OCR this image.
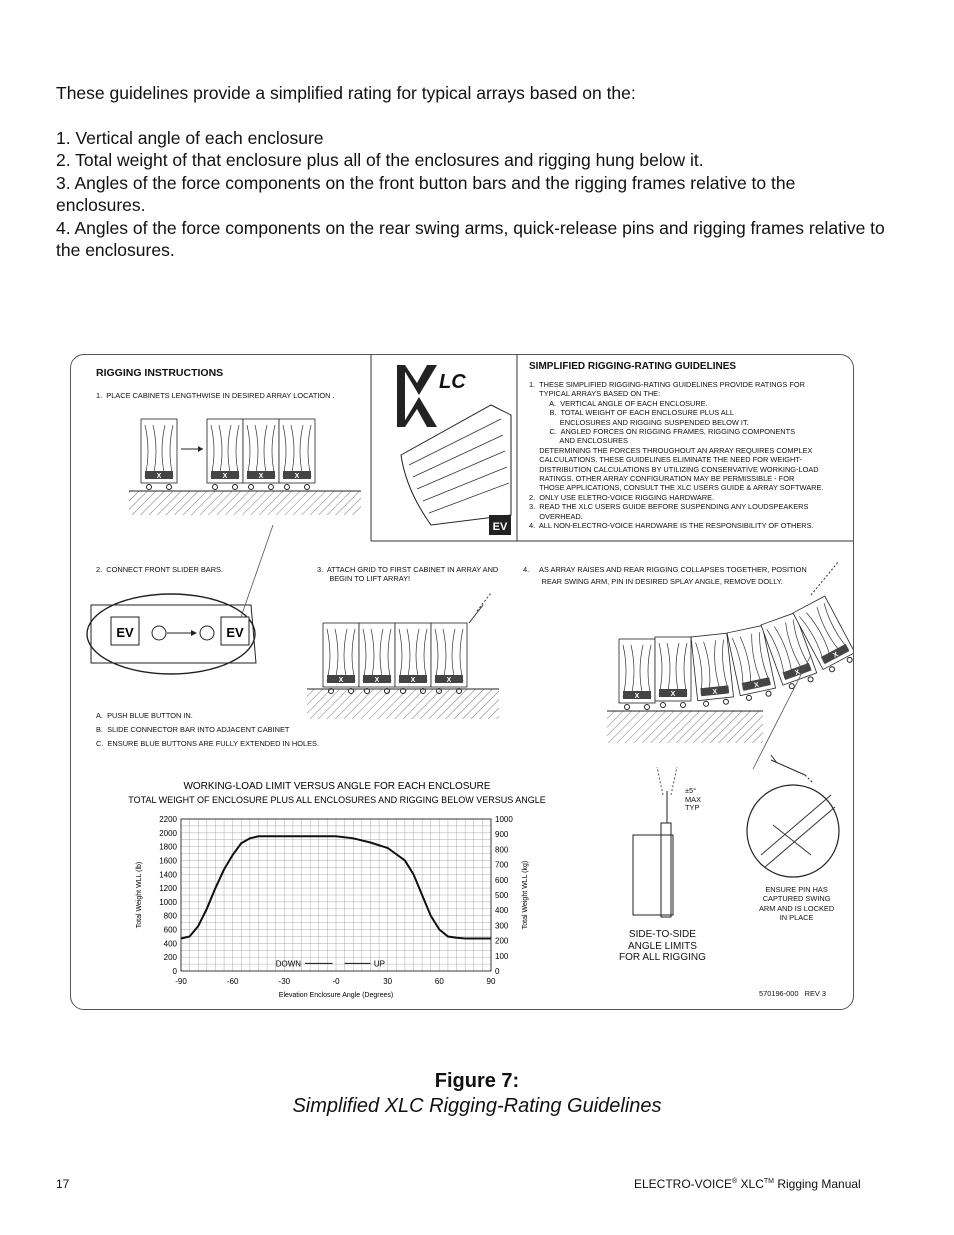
These guidelines provide a simplified rating for typical arrays based on the:

1. Vertical angle of each enclosure

2. Total weight of that enclosure plus all of the enclosures and rigging hung below it.

3. Angles of the force components on the front button bars and the rigging frames relative to the enclosures.

4. Angles of the force components on the rear swing arms, quick-release pins and rigging frames relative to the enclosures.

X
LC
EV
EV	EV
RIGGING INSTRUCTIONS
1.  PLACE CABINETS LENGTHWISE IN DESIRED ARRAY LOCATION .
SIMPLIFIED RIGGING-RATING GUIDELINES
1.  THESE SIMPLIFIED RIGGING-RATING GUIDELINES PROVIDE RATINGS FOR
TYPICAL ARRAYS BASED ON THE:
A.  VERTICAL ANGLE OF EACH ENCLOSURE.
B.  TOTAL WEIGHT OF EACH ENCLOSURE PLUS ALL
ENCLOSURES AND RIGGING SUSPENDED BELOW IT.
C.  ANGLED FORCES ON RIGGING FRAMES, RIGGING COMPONENTS
AND ENCLOSURES
DETERMINING THE FORCES THROUGHOUT AN ARRAY REQUIRES COMPLEX
CALCULATIONS. THESE GUIDELINES ELIMINATE THE NEED FOR WEIGHT-
DISTRIBUTION CALCULATIONS BY UTILIZING CONSERVATIVE WORKING-LOAD
RATINGS. OTHER ARRAY CONFIGURATION MAY BE PERMISSIBLE - FOR
THOSE APPLICATIONS, CONSULT THE XLC USERS GUIDE & ARRAY SOFTWARE.
2.  ONLY USE ELETRO-VOICE RIGGING HARDWARE.
3.  READ THE XLC USERS GUIDE BEFORE SUSPENDING ANY LOUDSPEAKERS
OVERHEAD.
4.  ALL NON-ELECTRO-VOICE HARDWARE IS THE RESPONSIBILITY OF OTHERS.
2.  CONNECT FRONT SLIDER BARS.	3.  ATTACH GRID TO FIRST CABINET IN ARRAY AND
BEGIN TO LIFT ARRAY!
4.     AS ARRAY RAISES AND REAR RIGGING COLLAPSES TOGETHER, POSITION
REAR SWING ARM, PIN IN DESIRED SPLAY ANGLE, REMOVE DOLLY.
A.  PUSH BLUE BUTTON IN.
B.  SLIDE CONNECTOR BAR INTO ADJACENT CABINET
C.  ENSURE BLUE BUTTONS ARE FULLY EXTENDED IN HOLES.
±5°
MAX
TYP
SIDE-TO-SIDE
ANGLE LIMITS
FOR ALL RIGGING
ENSURE PIN HAS
CAPTURED SWING
ARM AND IS LOCKED
IN PLACE
570196-000   REV 3
WORKING-LOAD LIMIT VERSUS ANGLE FOR EACH ENCLOSURE
TOTAL WEIGHT OF ENCLOSURE PLUS ALL ENCLOSURES AND RIGGING BELOW VERSUS ANGLE
0
200
400
600
800
1000
1200
1400
1600
1800
2000
2200
0
100
200
300
400
500
600
700
800
900
1000
-90	-60	-30	-0	30	60	90
DOWN	UP
Elevation Enclosure Angle (Degrees)
Total Weight WLL (lb)	Total Weight WLL (kg)
Figure 7:
Simplified XLC Rigging-Rating Guidelines
17	ELECTRO-VOICE® XLC™ Rigging Manual
